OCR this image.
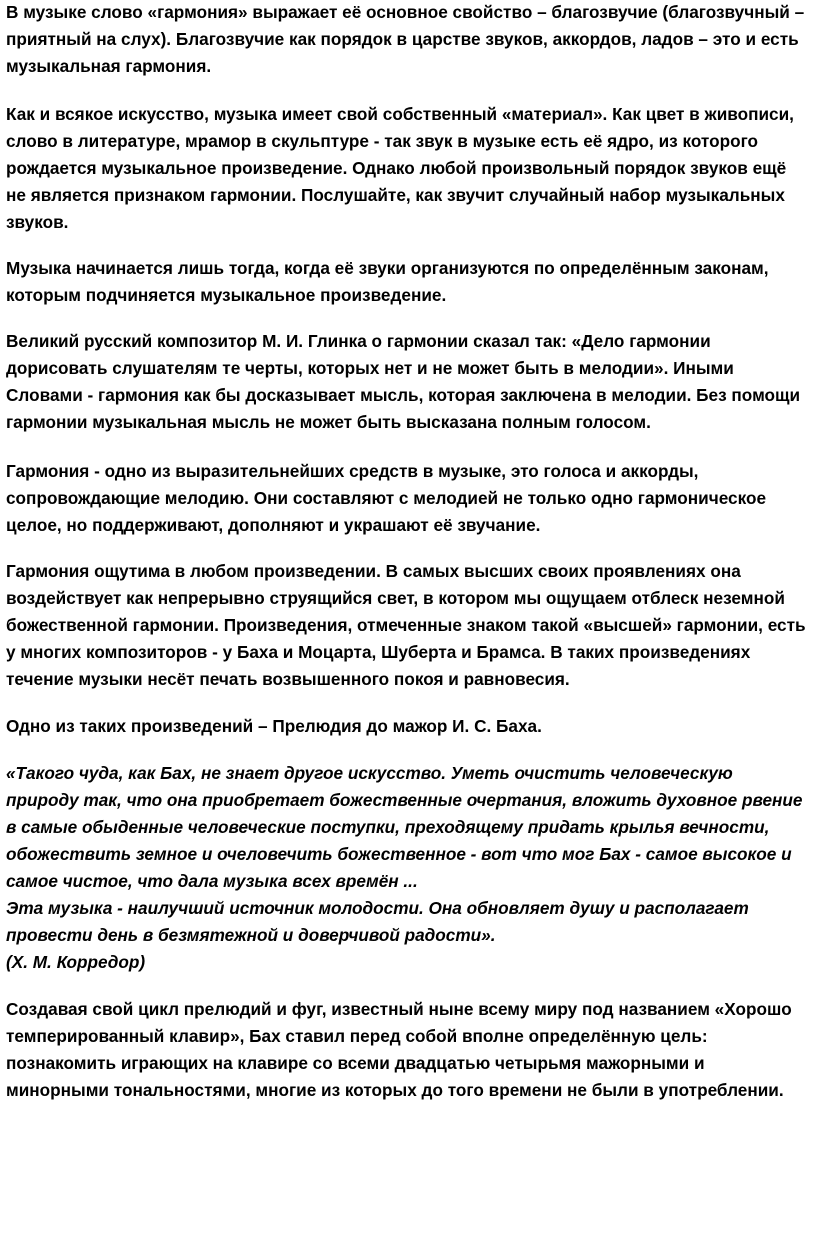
В музыке слово «гармония» выражает её основное свойство – благозвучие (благозвучный – приятный на слух). Благозвучие как порядок в царстве звуков, аккордов, ладов – это и есть музыкальная гармония.

Как и всякое искусство, музыка имеет свой собственный «материал». Как цвет в живописи, слово в литературе, мрамор в скульптуре - так звук в музыке есть её ядро, из которого рождается музыкальное произведение. Однако любой произвольный порядок звуков ещё не является признаком гармонии. Послушайте, как звучит случайный набор музыкальных звуков.

Музыка начинается лишь тогда, когда её звуки организуются по определённым законам, которым подчиняется музыкальное произведение.

Великий русский композитор М. И. Глинка о гармонии сказал так: «Дело гармонии дорисовать слушателям те черты, которых нет и не может быть в мелодии». Иными Словами - гармония как бы досказывает мысль, которая заключена в мелодии. Без помощи гармонии музыкальная мысль не может быть высказана полным голосом.

Гармония - одно из выразительнейших средств в музыке, это голоса и аккорды, сопровождающие мелодию. Они составляют с мелодией не только одно гармоническое целое, но поддерживают, дополняют и украшают её звучание.

Гармония ощутима в любом произведении. В самых высших своих проявлениях она воздействует как непрерывно струящийся свет, в котором мы ощущаем отблеск неземной божественной гармонии. Произведения, отмеченные знаком такой «высшей» гармонии, есть у многих композиторов - у Баха и Моцарта, Шуберта и Брамса. В таких произведениях течение музыки несёт печать возвышенного покоя и равновесия.

Одно из таких произведений – Прелюдия до мажор И. С. Баха.

«Такого чуда, как Бах, не знает другое искусство. Уметь очистить человеческую природу так, что она приобретает божественные очертания, вложить духовное рвение в самые обыденные человеческие поступки, преходящему придать крылья вечности, обожествить земное и очеловечить божественное - вот что мог Бах - самое высокое и самое чистое, что дала музыка всех времён ...
Эта музыка - наилучший источник молодости. Она обновляет душу и располагает провести день в безмятежной и доверчивой радости».
(Х. М. Корредор)

Создавая свой цикл прелюдий и фуг, известный ныне всему миру под названием «Хорошо темперированный клавир», Бах ставил перед собой вполне определённую цель: познакомить играющих на клавире со всеми двадцатью четырьмя мажорными и минорными тональностями, многие из которых до того времени не были в употреблении.
